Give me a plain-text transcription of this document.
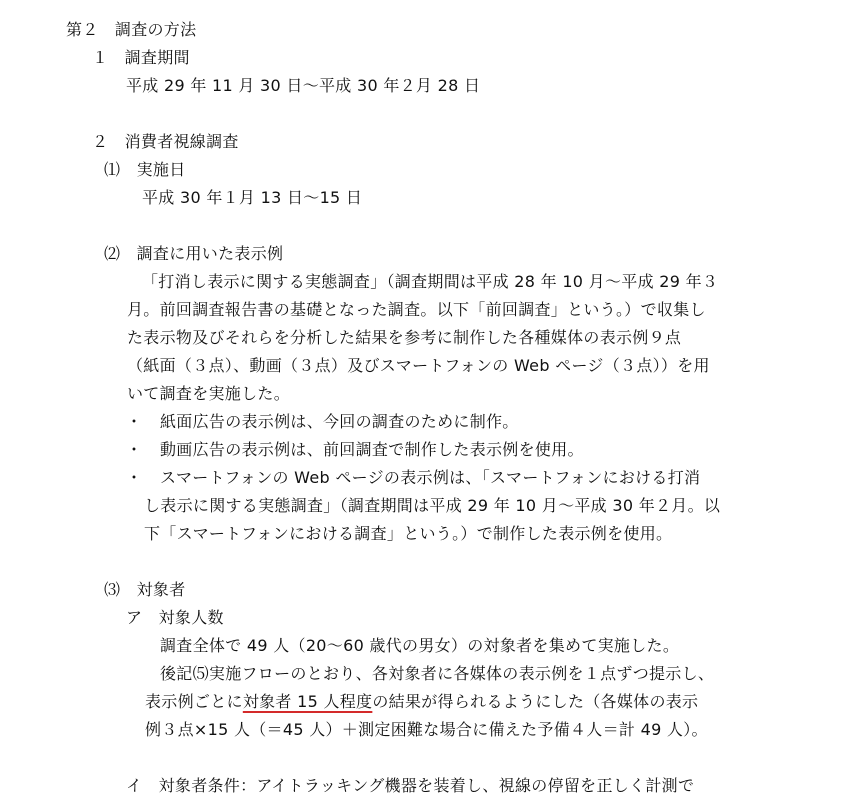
第２　調査の方法
１　調査期間
平成 29 年 11 月 30 日〜平成 30 年２月 28 日
２　消費者視線調査
⑴　実施日
平成 30 年１月 13 日〜15 日
⑵　調査に用いた表示例
「打消し表示に関する実態調査」（調査期間は平成 28 年 10 月〜平成 29 年３
月。前回調査報告書の基礎となった調査。以下「前回調査」という。）で収集し
た表示物及びそれらを分析した結果を参考に制作した各種媒体の表示例９点
（紙面（３点）、動画（３点）及びスマートフォンの Web ページ（３点））を用
いて調査を実施した。
・ 紙面広告の表示例は、今回の調査のために制作。
・ 動画広告の表示例は、前回調査で制作した表示例を使用。
・ スマートフォンの Web ページの表示例は、「スマートフォンにおける打消
し表示に関する実態調査」（調査期間は平成 29 年 10 月〜平成 30 年２月。以
下「スマートフォンにおける調査」という。）で制作した表示例を使用。
⑶　対象者
ア　対象人数
調査全体で 49 人（20〜60 歳代の男女）の対象者を集めて実施した。
後記⑸実施フローのとおり、各対象者に各媒体の表示例を１点ずつ提示し、
表示例ごとに対象者 15 人程度の結果が得られるようにした（各媒体の表示
例３点×15 人（＝45 人）＋測定困難な場合に備えた予備４人＝計 49 人）。
イ　対象者条件：アイトラッキング機器を装着し、視線の停留を正しく計測で
